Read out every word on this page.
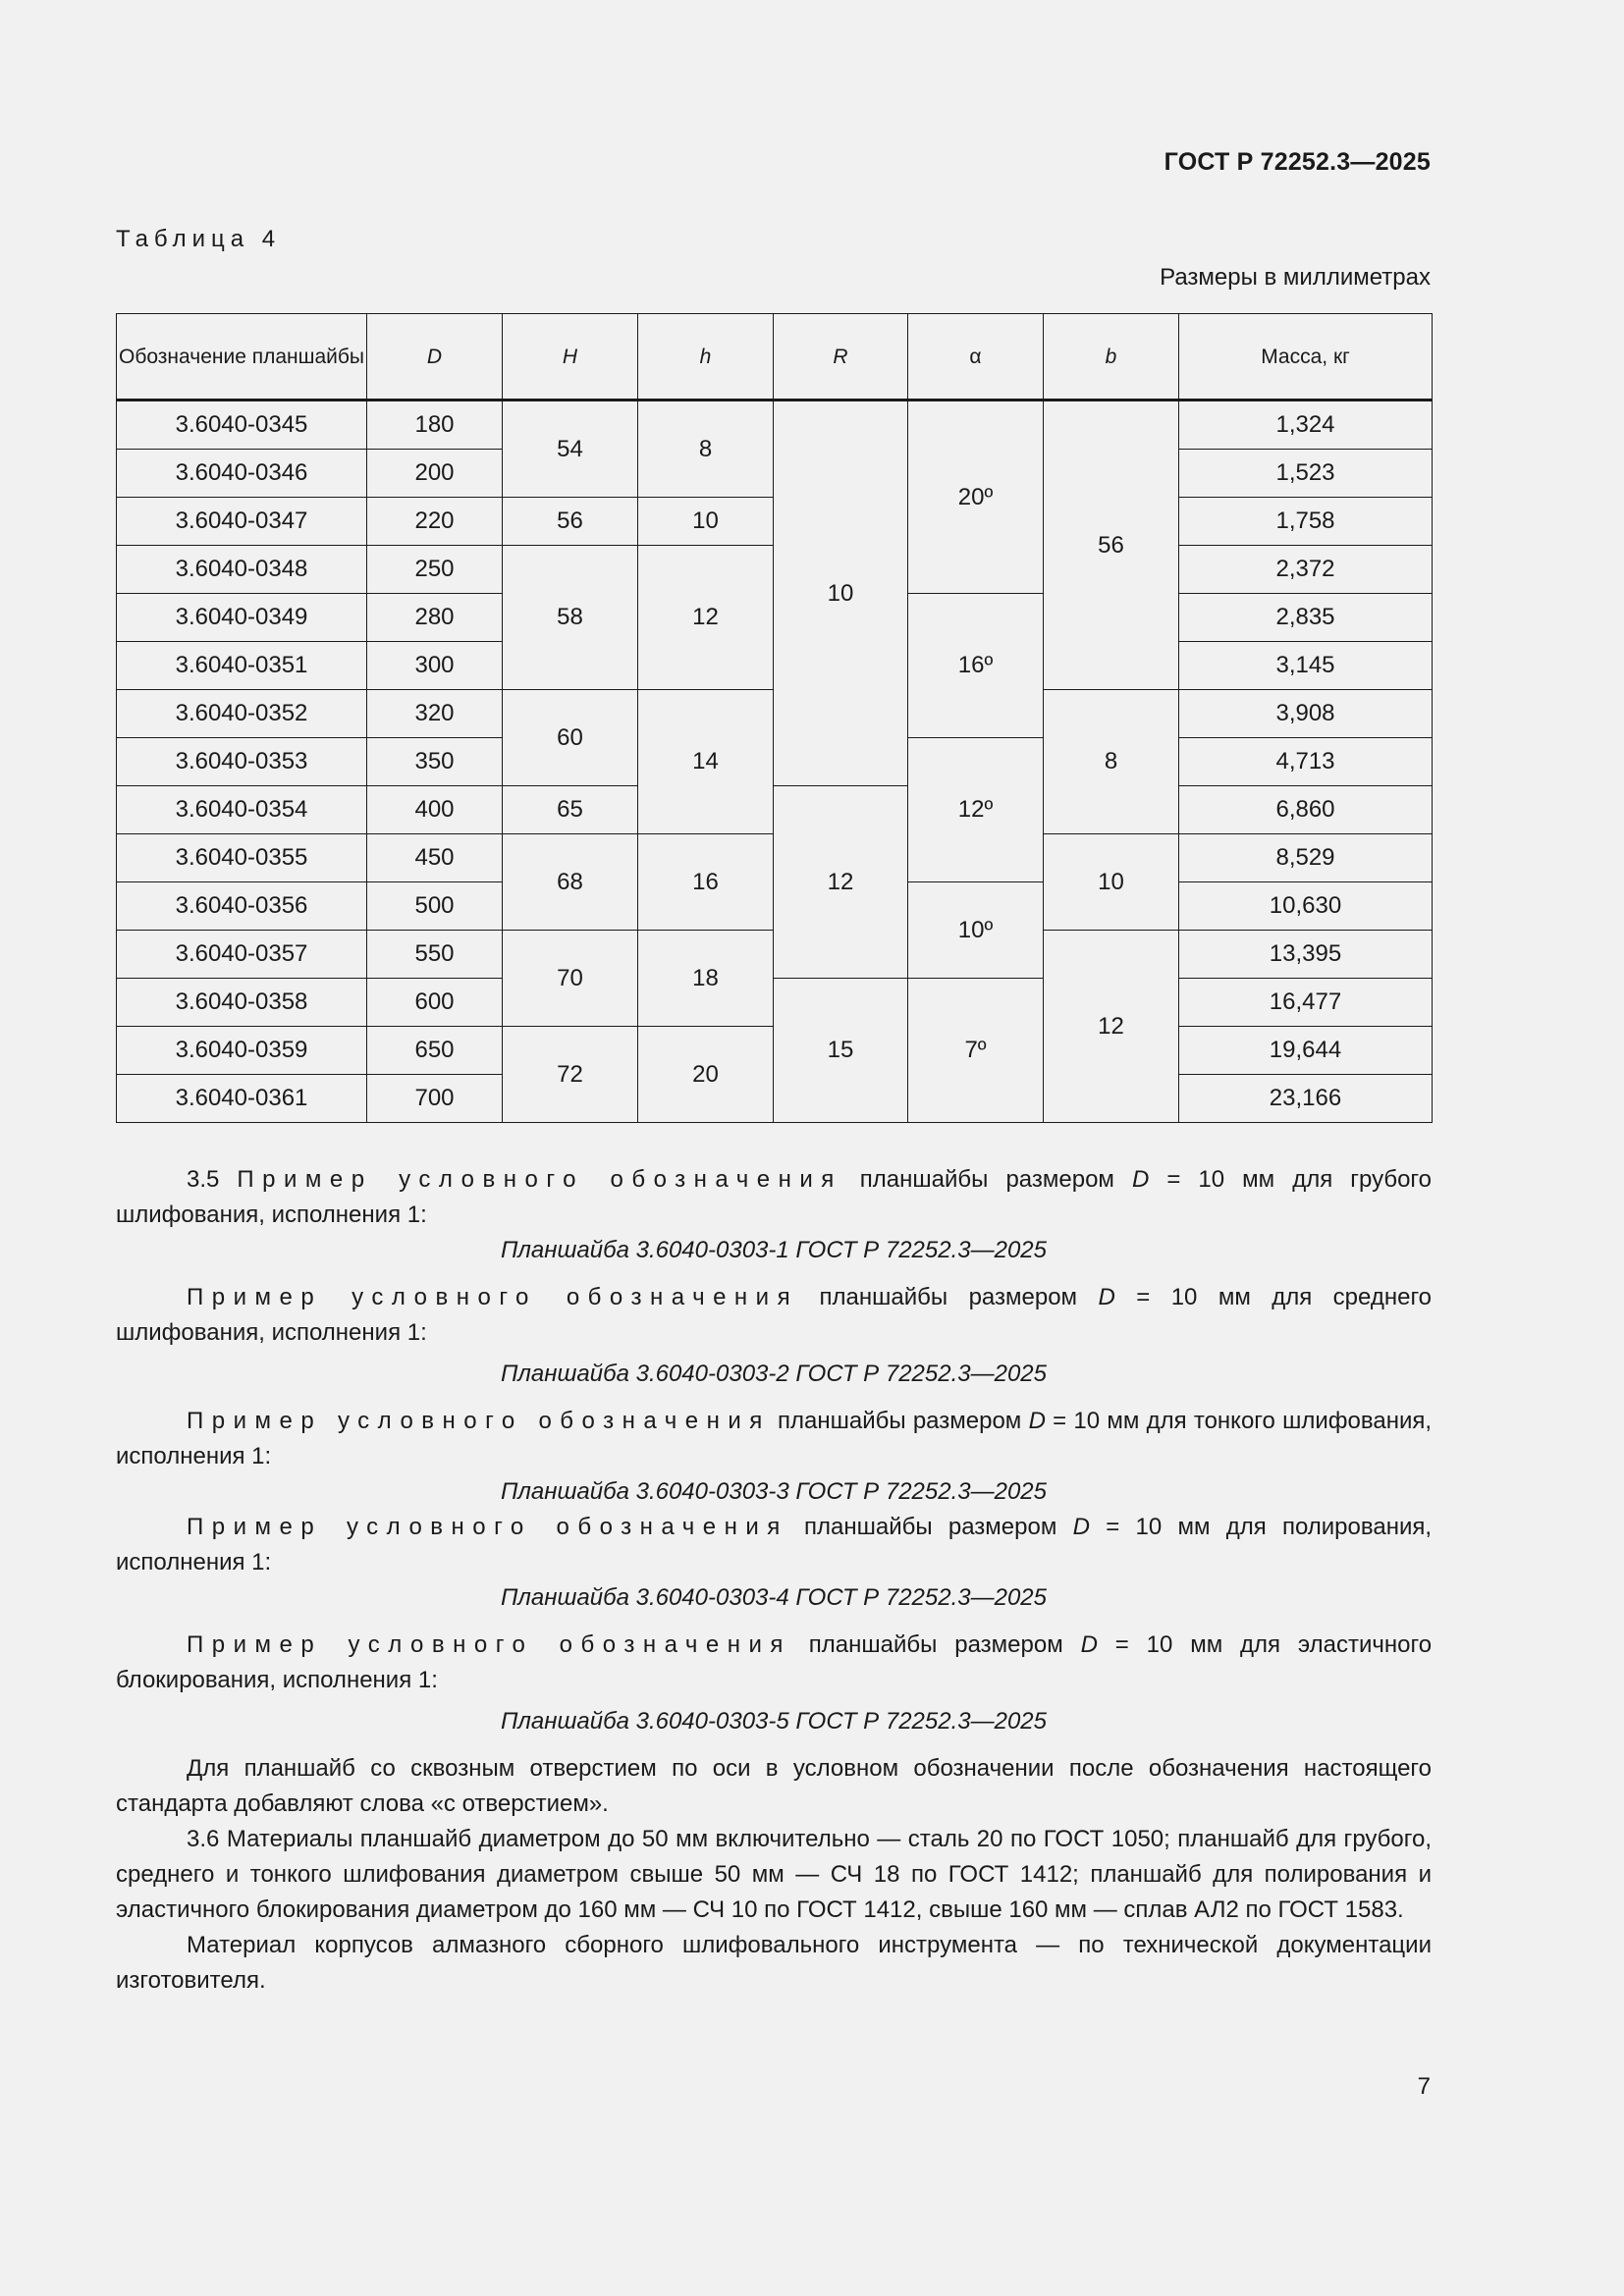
ГОСТ Р 72252.3—2025
Таблица 4
Размеры в миллиметрах
Обозначение планшайбы	D	H	h	R	α	b	Масса, кг
3.6040-0345	180	54	8	10	20º	56	1,324
3.6040-0346	200						1,523
3.6040-0347	220	56	10				1,758
3.6040-0348	250	58	12				2,372
3.6040-0349	280				16º		2,835
3.6040-0351	300						3,145
3.6040-0352	320	60	14			8	3,908
3.6040-0353	350				12º		4,713
3.6040-0354	400	65		12			6,860
3.6040-0355	450	68	16			10	8,529
3.6040-0356	500				10º		10,630
3.6040-0357	550	70	18			12	13,395
3.6040-0358	600			15	7º		16,477
3.6040-0359	650	72	20				19,644
3.6040-0361	700						23,166

3.5 Пример условного обозначения планшайбы размером D = 10 мм для грубого шлифования, исполнения 1:

Планшайба 3.6040-0303-1 ГОСТ Р 72252.3—2025

Пример условного обозначения планшайбы размером D = 10 мм для среднего шлифования, исполнения 1:

Планшайба 3.6040-0303-2 ГОСТ Р 72252.3—2025

Пример условного обозначения планшайбы размером D = 10 мм для тонкого шлифования, исполнения 1:

Планшайба 3.6040-0303-3 ГОСТ Р 72252.3—2025

Пример условного обозначения планшайбы размером D = 10 мм для полирования, исполнения 1:

Планшайба 3.6040-0303-4 ГОСТ Р 72252.3—2025

Пример условного обозначения планшайбы размером D = 10 мм для эластичного блокирования, исполнения 1:

Планшайба 3.6040-0303-5 ГОСТ Р 72252.3—2025

Для планшайб со сквозным отверстием по оси в условном обозначении после обозначения настоящего стандарта добавляют слова «с отверстием».

3.6 Материалы планшайб диаметром до 50 мм включительно — сталь 20 по ГОСТ 1050; планшайб для грубого, среднего и тонкого шлифования диаметром свыше 50 мм — СЧ 18 по ГОСТ 1412; планшайб для полирования и эластичного блокирования диаметром до 160 мм — СЧ 10 по ГОСТ 1412, свыше 160 мм — сплав АЛ2 по ГОСТ 1583.

Материал корпусов алмазного сборного шлифовального инструмента — по технической документации изготовителя.

7
